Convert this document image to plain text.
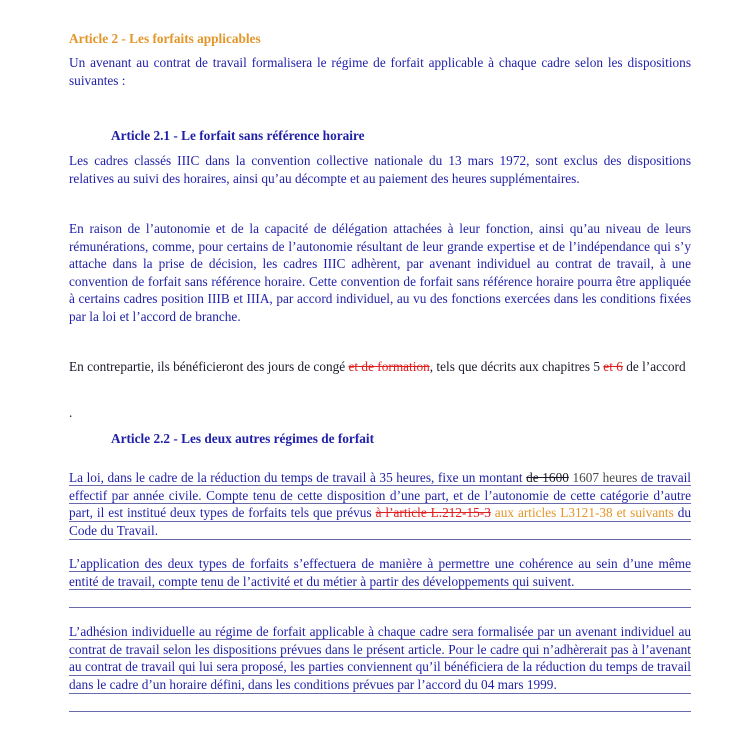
Article 2 - Les forfaits applicables

Un avenant au contrat de travail formalisera le régime de forfait applicable à chaque cadre selon les dispositions suivantes :

Article 2.1 - Le forfait sans référence horaire

Les cadres classés IIIC dans la convention collective nationale du 13 mars 1972, sont exclus des dispositions relatives au suivi des horaires, ainsi qu’au décompte et au paiement des heures supplémentaires.

En raison de l’autonomie et de la capacité de délégation attachées à leur fonction, ainsi qu’au niveau de leurs rémunérations, comme, pour certains de l’autonomie résultant de leur grande expertise et de l’indépendance qui s’y attache dans la prise de décision, les cadres IIIC adhèrent, par avenant individuel au contrat de travail, à une convention de forfait sans référence horaire. Cette convention de forfait sans référence horaire pourra être appliquée à certains cadres position IIIB et IIIA, par accord individuel, au vu des fonctions exercées dans les conditions fixées par la loi et l’accord de branche.

En contrepartie, ils bénéficieront des jours de congé et de formation, tels que décrits aux chapitres 5 et 6 de l’accord

.
Article 2.2 - Les deux autres régimes de forfait

La loi, dans le cadre de la réduction du temps de travail à 35 heures, fixe un montant de 1600 1607 heures de travail effectif par année civile. Compte tenu de cette disposition d’une part, et de l’autonomie de cette catégorie d’autre part, il est institué deux types de forfaits tels que prévus à l’article L.212-15-3 aux articles L3121-38 et suivants du Code du Travail.

L’application des deux types de forfaits s’effectuera de manière à permettre une cohérence au sein d’une même entité de travail, compte tenu de l’activité et du métier à partir des développements qui suivent.

L’adhésion individuelle au régime de forfait applicable à chaque cadre sera formalisée par un avenant individuel au contrat de travail selon les dispositions prévues dans le présent article. Pour le cadre qui n’adhèrerait pas à l’avenant au contrat de travail qui lui sera proposé, les parties conviennent qu’il bénéficiera de la réduction du temps de travail dans le cadre d’un horaire défini, dans les conditions prévues par l’accord du 04 mars 1999.
